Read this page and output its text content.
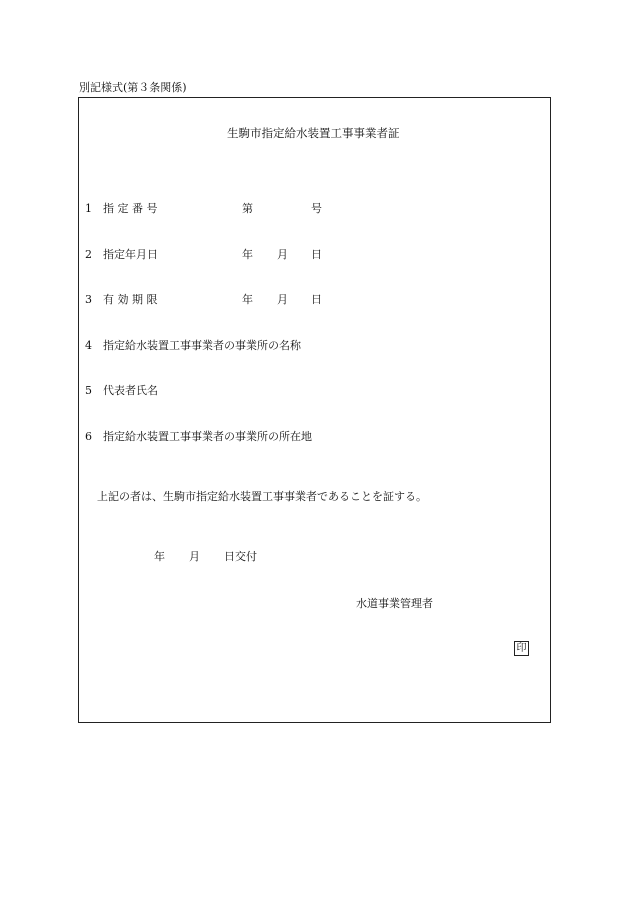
別記様式(第３条関係)
生駒市指定給水装置工事事業者証
1 指 定 番 号	第	号
2 指定年月日	年 月 日
3 有 効 期 限	年 月 日
4 指定給水装置工事事業者の事業所の名称
5 代表者氏名
6 指定給水装置工事事業者の事業所の所在地
上記の者は、生駒市指定給水装置工事事業者であることを証する。
年 月 日交付
水道事業管理者
印
